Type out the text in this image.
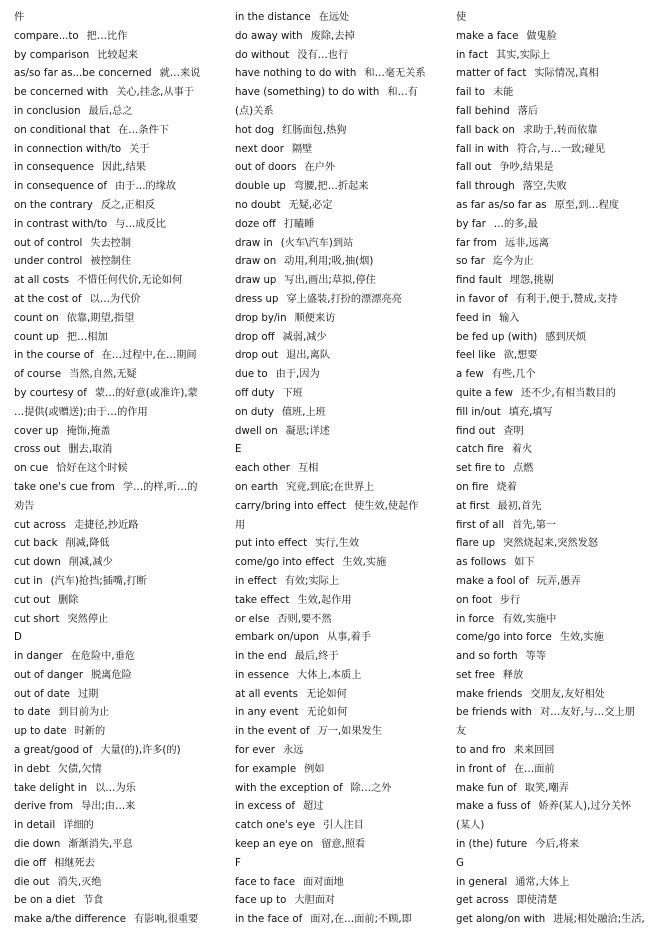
件
compare...to 把…比作
by comparison 比较起来
as/so far as...be concerned 就…来说
be concerned with 关心,挂念,从事于
in conclusion 最后,总之
on conditional that 在…条件下
in connection with/to 关于
in consequence 因此,结果
in consequence of 由于…的缘故
on the contrary 反之,正相反
in contrast with/to 与…成反比
out of control 失去控制
under control 被控制住
at all costs 不惜任何代价,无论如何
at the cost of 以…为代价
count on 依靠,期望,指望
count up 把…相加
in the course of 在…过程中,在…期间
of course 当然,自然,无疑
by courtesy of 蒙…的好意(或准许),蒙
…提供(或赠送);由于…的作用
cover up 掩饰,掩盖
cross out 删去,取消
on cue 恰好在这个时候
take one's cue from 学…的样,听…的
劝告
cut across 走捷径,抄近路
cut back 削减,降低
cut down 削减,减少
cut in (汽车)抢挡;插嘴,打断
cut out 删除
cut short 突然停止
D
in danger 在危险中,垂危
out of danger 脱离危险
out of date 过期
to date 到目前为止
up to date 时新的
a great/good of 大量(的),许多(的)
in debt 欠债,欠情
take delight in 以…为乐
derive from 导出;由…来
in detail 详细的
die down 渐渐消失,平息
die off 相继死去
die out 消失,灭绝
be on a diet 节食
make a/the difference 有影响,很重要
in the distance 在远处
do away with 废除,去掉
do without 没有…也行
have nothing to do with 和…毫无关系
have (something) to do with 和…有
(点)关系
hot dog 红肠面包,热狗
next door 隔壁
out of doors 在户外
double up 弯腰,把…折起来
no doubt 无疑,必定
doze off 打瞌睡
draw in (火车\汽车)到站
draw on 动用,利用;吸,抽(烟)
draw up 写出,画出;草拟,停住
dress up 穿上盛装,打扮的漂漂亮亮
drop by/in 顺便来访
drop off 减弱,减少
drop out 退出,离队
due to 由于,因为
off duty 下班
on duty 值班,上班
dwell on 凝思;详述
E
each other 互相
on earth 究竟,到底;在世界上
carry/bring into effect 使生效,使起作
用
put into effect 实行,生效
come/go into effect 生效,实施
in effect 有效;实际上
take effect 生效,起作用
or else 否则,要不然
embark on/upon 从事,着手
in the end 最后,终于
in essence 大体上,本质上
at all events 无论如何
in any event 无论如何
in the event of 万一,如果发生
for ever 永远
for example 例如
with the exception of 除…之外
in excess of 超过
catch one's eye 引人注目
keep an eye on 留意,照看
F
face to face 面对面地
face up to 大胆面对
in the face of 面对,在…面前;不顾,即
使
make a face 做鬼脸
in fact 其实,实际上
matter of fact 实际情况,真相
fail to 未能
fall behind 落后
fall back on 求助于,转而依靠
fall in with 符合,与…一致;碰见
fall out 争吵,结果是
fall through 落空,失败
as far as/so far as 原至,到…程度
by far …的多,最
far from 远非,远离
so far 迄今为止
find fault 埋怨,挑剔
in favor of 有利于,便于,赞成,支持
feed in 输入
be fed up (with) 感到厌烦
feel like 欲,想要
a few 有些,几个
quite a few 还不少,有相当数目的
fill in/out 填充,填写
find out 查明
catch fire 着火
set fire to 点燃
on fire 烧着
at first 最初,首先
first of all 首先,第一
flare up 突然烧起来,突然发怒
as follows 如下
make a fool of 玩弄,愚弄
on foot 步行
in force 有效,实施中
come/go into force 生效,实施
and so forth 等等
set free 释放
make friends 交朋友,友好相处
be friends with 对…友好,与…交上朋
友
to and fro 来来回回
in front of 在…面前
make fun of 取笑,嘲弄
make a fuss of 娇养(某人),过分关怀
(某人)
in (the) future 今后,将来
G
in general 通常,大体上
get across 即使清楚
get along/on with 进展;相处融洽;生活,
